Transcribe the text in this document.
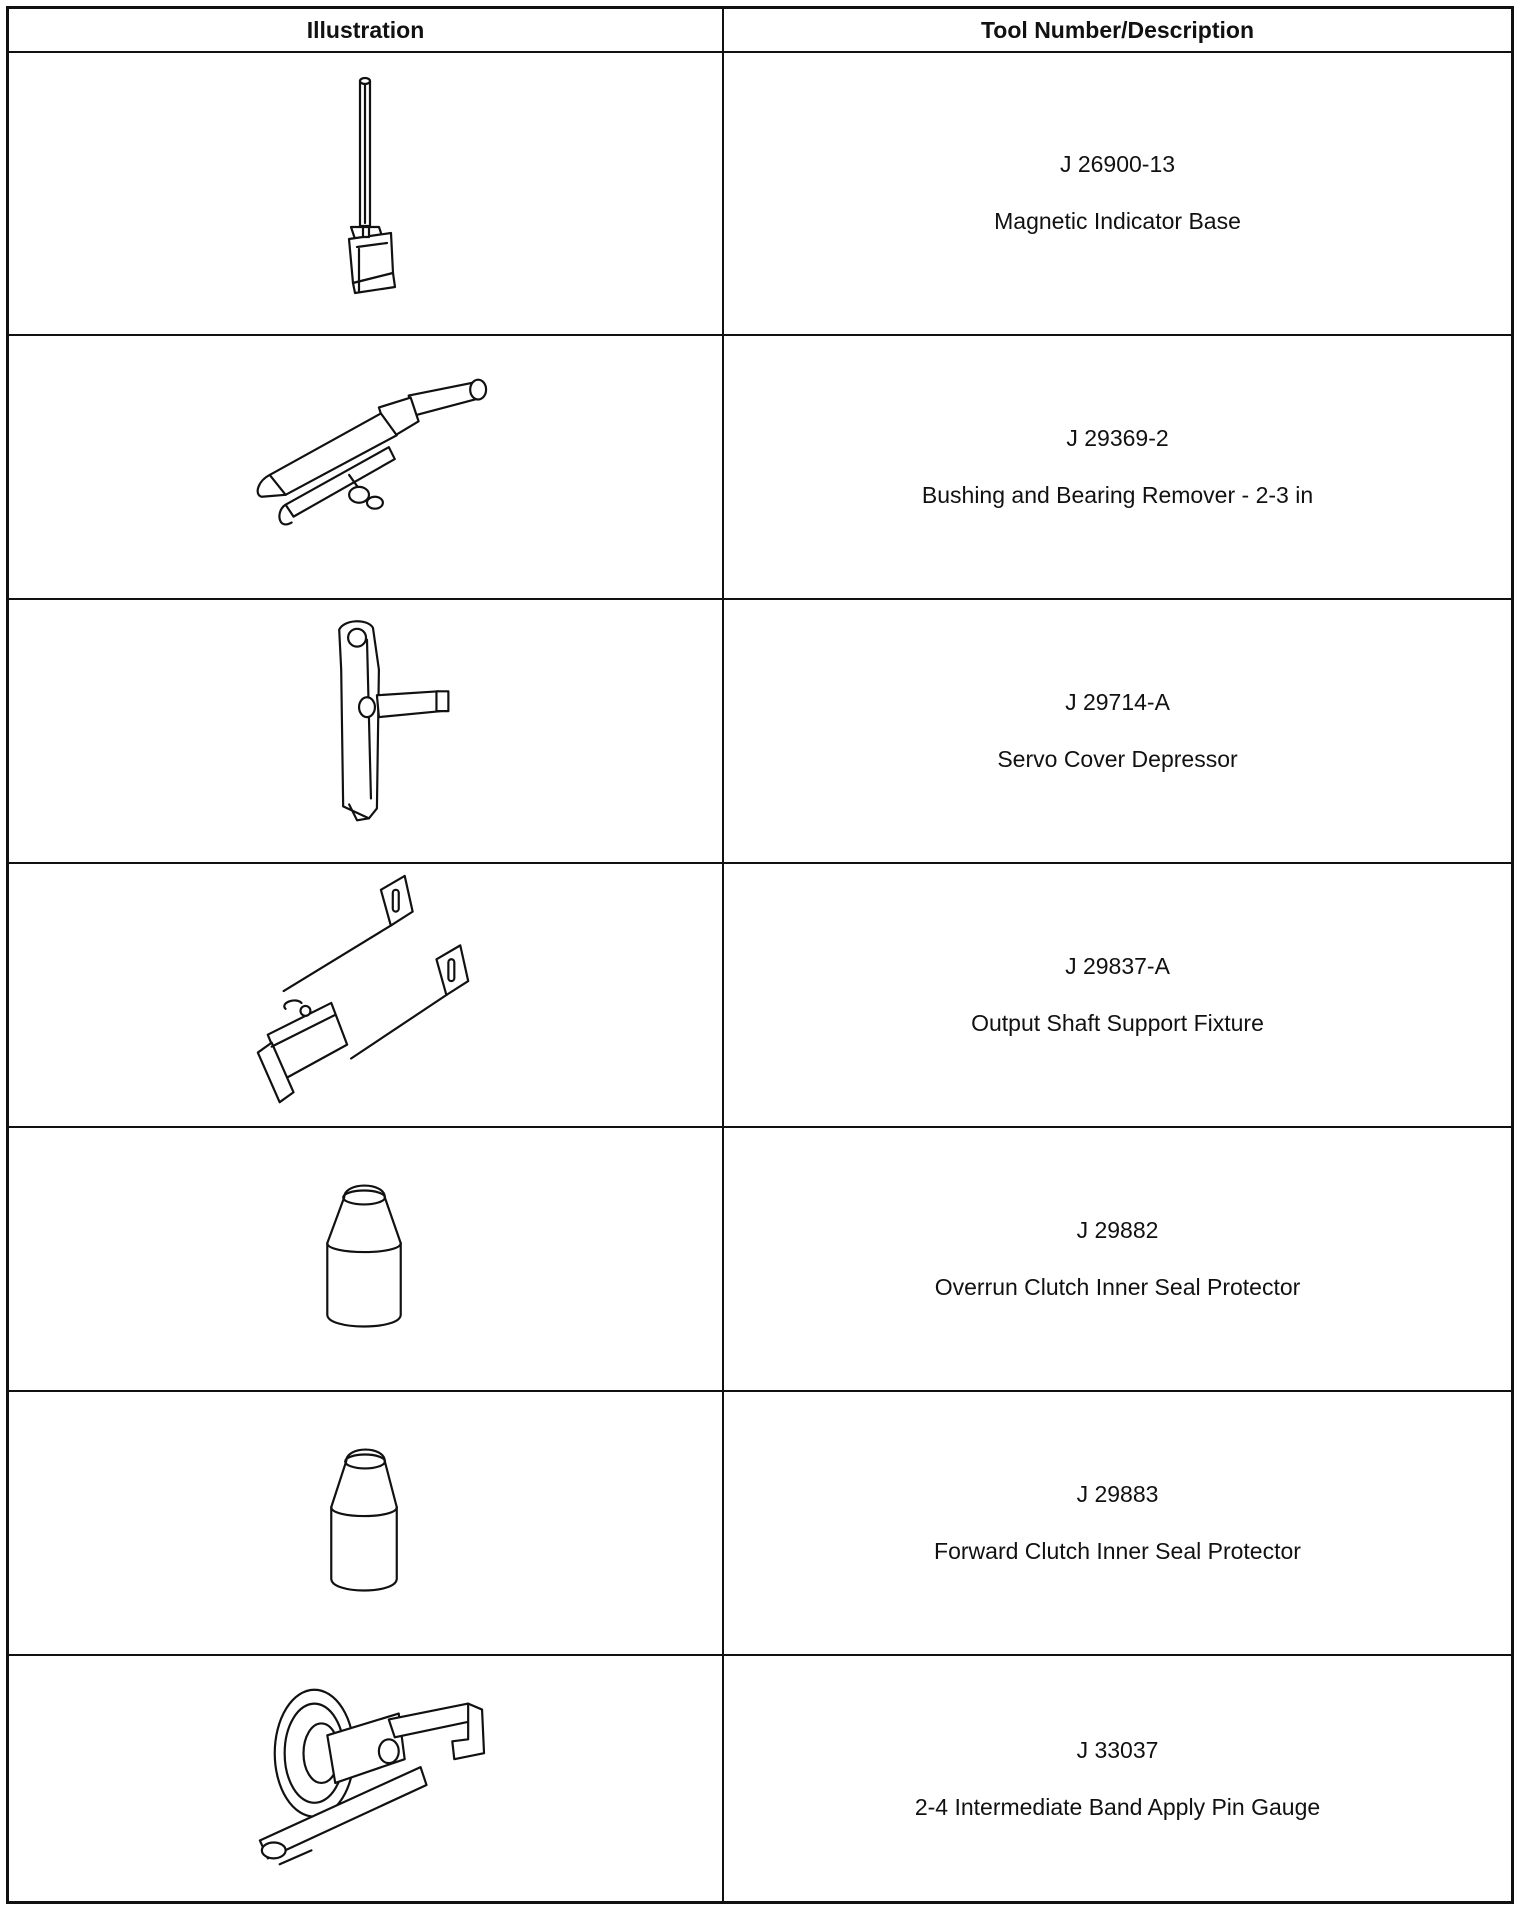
Illustration	Tool Number/Description
J 26900-13
Magnetic Indicator Base
J 29369-2
Bushing and Bearing Remover - 2-3 in
J 29714-A
Servo Cover Depressor
J 29837-A
Output Shaft Support Fixture
J 29882
Overrun Clutch Inner Seal Protector
J 29883
Forward Clutch Inner Seal Protector
J 33037
2-4 Intermediate Band Apply Pin Gauge
